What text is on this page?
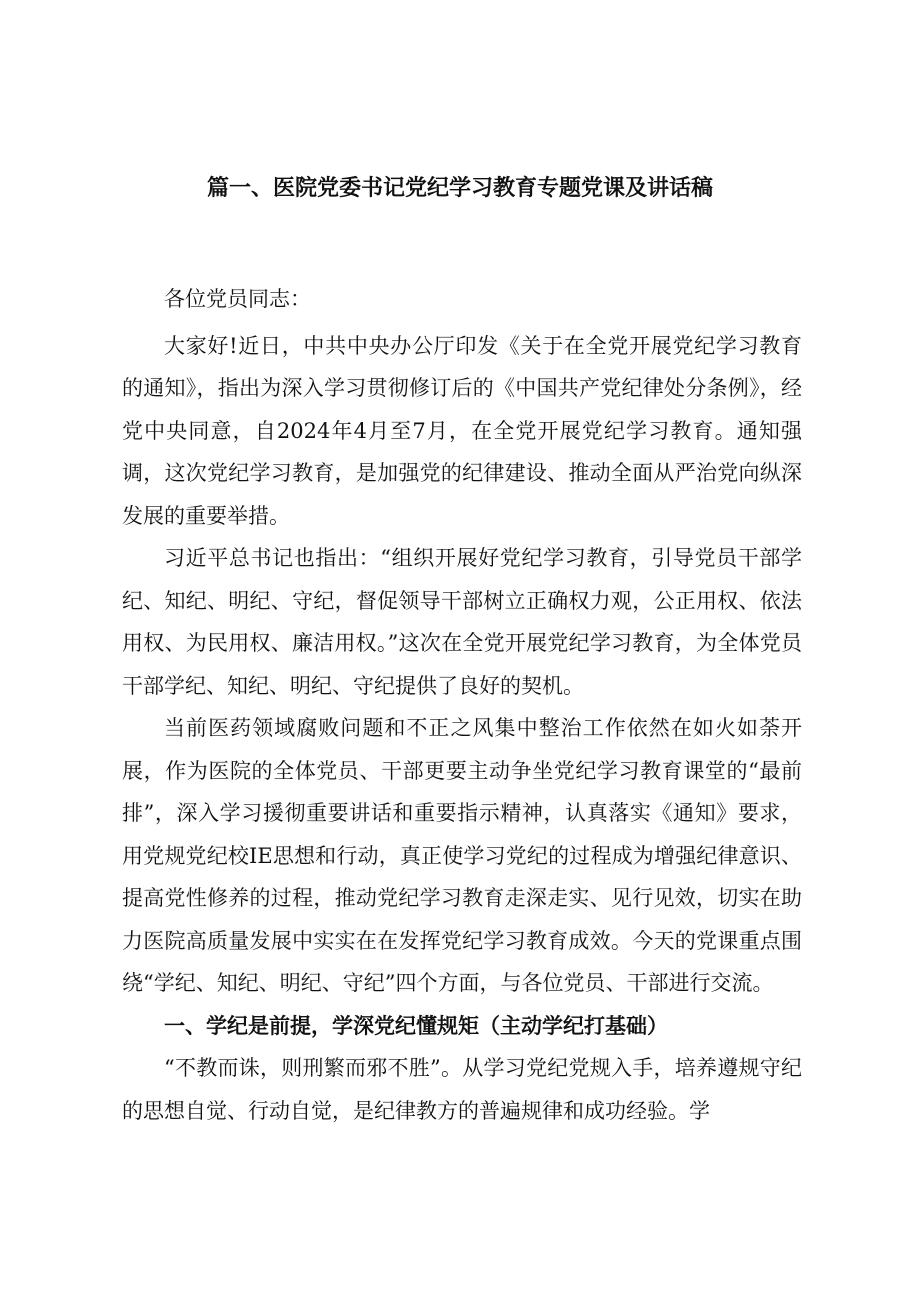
篇一、医院党委书记党纪学习教育专题党课及讲话稿

各位党员同志：

大家好!近日，中共中央办公厅印发《关于在全党开展党纪学习教育的通知》，指出为深入学习贯彻修订后的《中国共产党纪律处分条例》，经党中央同意，自2024年4月至7月，在全党开展党纪学习教育。通知强调，这次党纪学习教育，是加强党的纪律建设、推动全面从严治党向纵深发展的重要举措。

习近平总书记也指出：“组织开展好党纪学习教育，引导党员干部学纪、知纪、明纪、守纪，督促领导干部树立正确权力观，公正用权、依法用权、为民用权、廉洁用权。”这次在全党开展党纪学习教育，为全体党员干部学纪、知纪、明纪、守纪提供了良好的契机。

当前医药领域腐败问题和不正之风集中整治工作依然在如火如荼开展，作为医院的全体党员、干部更要主动争坐党纪学习教育课堂的“最前排”，深入学习援彻重要讲话和重要指示精神，认真落实《通知》要求，用党规党纪校IE思想和行动，真正使学习党纪的过程成为增强纪律意识、提高党性修养的过程，推动党纪学习教育走深走实、见行见效，切实在助力医院高质量发展中实实在在发挥党纪学习教育成效。今天的党课重点围绕“学纪、知纪、明纪、守纪”四个方面，与各位党员、干部进行交流。

一、学纪是前提，学深党纪懂规矩（主动学纪打基础）

“不教而诛，则刑繁而邪不胜”。从学习党纪党规入手，培养遵规守纪的思想自觉、行动自觉，是纪律教方的普遍规律和成功经验。学
